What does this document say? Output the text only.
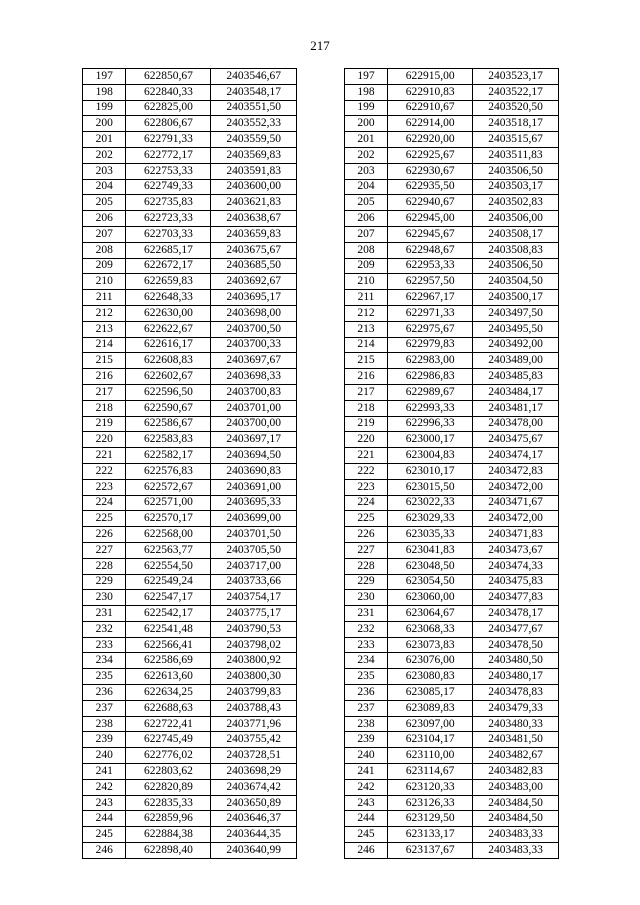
217
197	622850,67	2403546,67		197	622915,00	2403523,17
198	622840,33	2403548,17		198	622910,83	2403522,17
199	622825,00	2403551,50		199	622910,67	2403520,50
200	622806,67	2403552,33		200	622914,00	2403518,17
201	622791,33	2403559,50		201	622920,00	2403515,67
202	622772,17	2403569,83		202	622925,67	2403511,83
203	622753,33	2403591,83		203	622930,67	2403506,50
204	622749,33	2403600,00		204	622935,50	2403503,17
205	622735,83	2403621,83		205	622940,67	2403502,83
206	622723,33	2403638,67		206	622945,00	2403506,00
207	622703,33	2403659,83		207	622945,67	2403508,17
208	622685,17	2403675,67		208	622948,67	2403508,83
209	622672,17	2403685,50		209	622953,33	2403506,50
210	622659,83	2403692,67		210	622957,50	2403504,50
211	622648,33	2403695,17		211	622967,17	2403500,17
212	622630,00	2403698,00		212	622971,33	2403497,50
213	622622,67	2403700,50		213	622975,67	2403495,50
214	622616,17	2403700,33		214	622979,83	2403492,00
215	622608,83	2403697,67		215	622983,00	2403489,00
216	622602,67	2403698,33		216	622986,83	2403485,83
217	622596,50	2403700,83		217	622989,67	2403484,17
218	622590,67	2403701,00		218	622993,33	2403481,17
219	622586,67	2403700,00		219	622996,33	2403478,00
220	622583,83	2403697,17		220	623000,17	2403475,67
221	622582,17	2403694,50		221	623004,83	2403474,17
222	622576,83	2403690,83		222	623010,17	2403472,83
223	622572,67	2403691,00		223	623015,50	2403472,00
224	622571,00	2403695,33		224	623022,33	2403471,67
225	622570,17	2403699,00		225	623029,33	2403472,00
226	622568,00	2403701,50		226	623035,33	2403471,83
227	622563,77	2403705,50		227	623041,83	2403473,67
228	622554,50	2403717,00		228	623048,50	2403474,33
229	622549,24	2403733,66		229	623054,50	2403475,83
230	622547,17	2403754,17		230	623060,00	2403477,83
231	622542,17	2403775,17		231	623064,67	2403478,17
232	622541,48	2403790,53		232	623068,33	2403477,67
233	622566,41	2403798,02		233	623073,83	2403478,50
234	622586,69	2403800,92		234	623076,00	2403480,50
235	622613,60	2403800,30		235	623080,83	2403480,17
236	622634,25	2403799,83		236	623085,17	2403478,83
237	622688,63	2403788,43		237	623089,83	2403479,33
238	622722,41	2403771,96		238	623097,00	2403480,33
239	622745,49	2403755,42		239	623104,17	2403481,50
240	622776,02	2403728,51		240	623110,00	2403482,67
241	622803,62	2403698,29		241	623114,67	2403482,83
242	622820,89	2403674,42		242	623120,33	2403483,00
243	622835,33	2403650,89		243	623126,33	2403484,50
244	622859,96	2403646,37		244	623129,50	2403484,50
245	622884,38	2403644,35		245	623133,17	2403483,33
246	622898,40	2403640,99		246	623137,67	2403483,33
